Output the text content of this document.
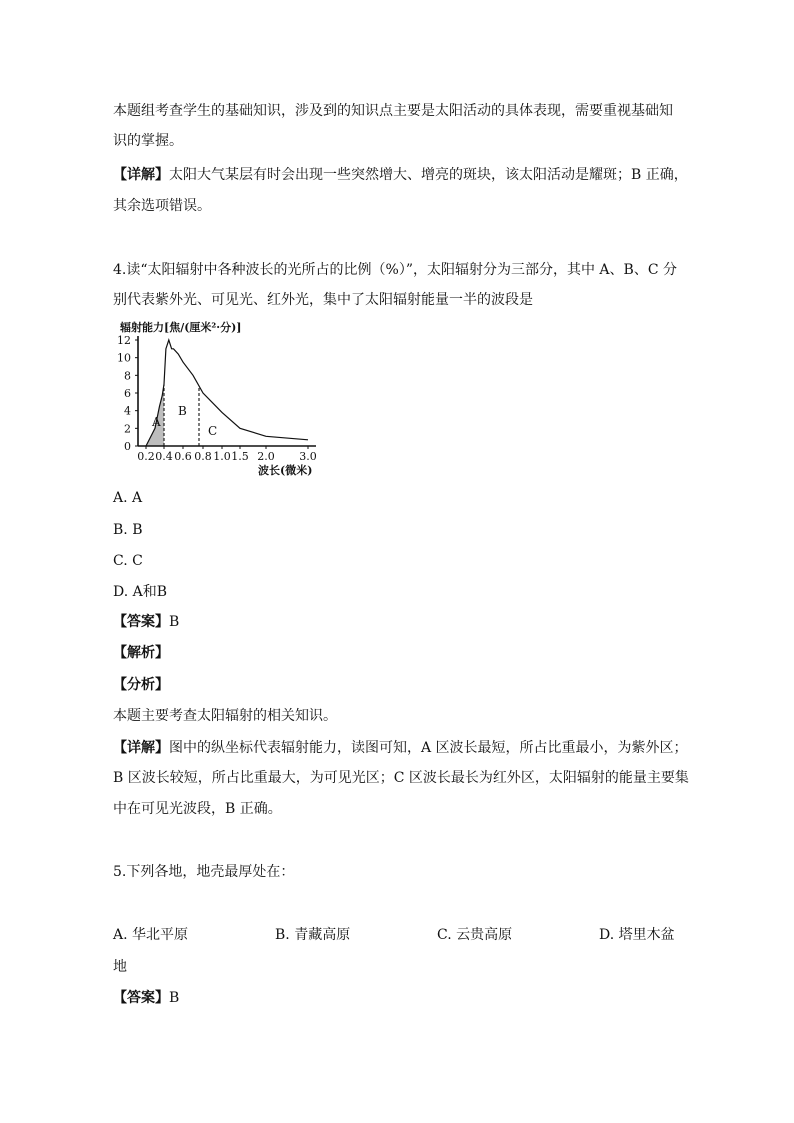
本题组考查学生的基础知识，涉及到的知识点主要是太阳活动的具体表现，需要重视基础知
识的掌握。
【详解】太阳大气某层有时会出现一些突然增大、增亮的斑块，该太阳活动是耀斑；B 正确，
其余选项错误。
4.读“太阳辐射中各种波长的光所占的比例（%）”，太阳辐射分为三部分，其中 A、B、C 分
别代表紫外光、可见光、红外光，集中了太阳辐射能量一半的波段是
A
B
C
0
2
4
6
8
10
12
0.2 0.4 0.6 0.8 1.0 1.5 2.0 3.0
辐射能力[焦/(厘米²·分)]
波长(微米)
A. A
B. B
C. C
D. A和B
【答案】B
【解析】
【分析】
本题主要考查太阳辐射的相关知识。
【详解】图中的纵坐标代表辐射能力，读图可知，A 区波长最短，所占比重最小，为紫外区；
B 区波长较短，所占比重最大，为可见光区；C 区波长最长为红外区，太阳辐射的能量主要集
中在可见光波段，B 正确。
5.下列各地，地壳最厚处在：
A. 华北平原	B. 青藏高原	C. 云贵高原	D. 塔里木盆
地
【答案】B
